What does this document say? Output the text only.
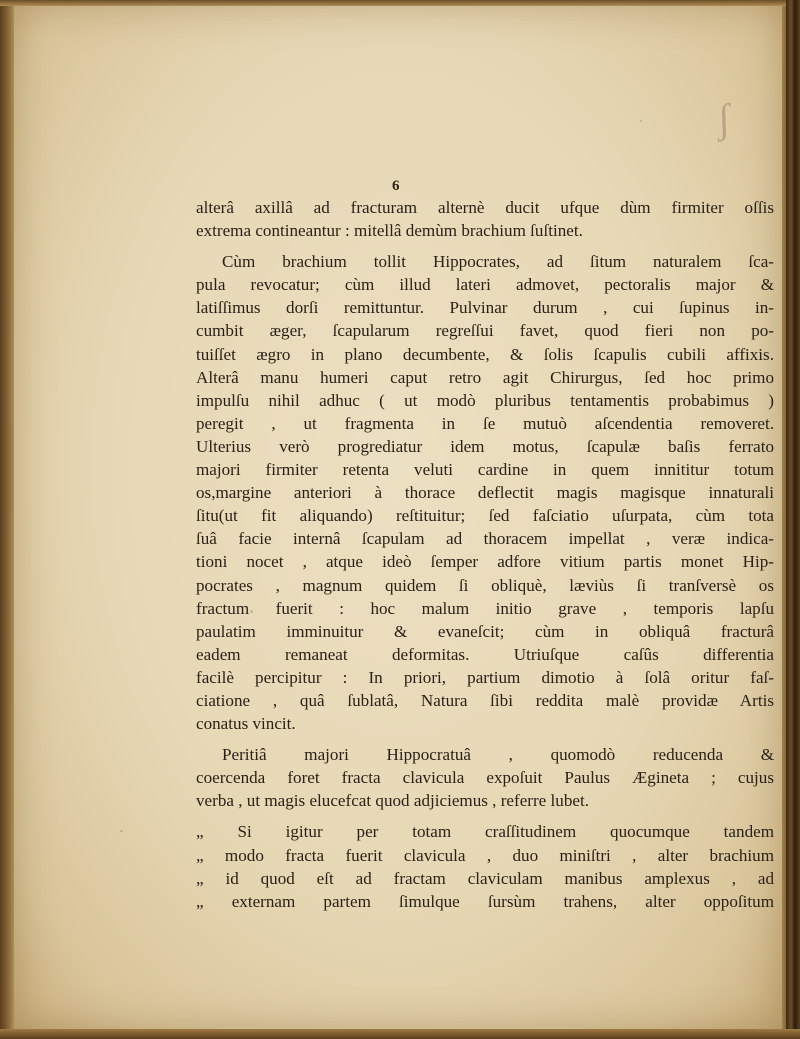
ʃ
6

alterâ axillâ ad fracturam alternè ducit ufque dùm firmiter oſſis
extrema contineantur : mitellâ demùm brachium ſuſtinet.

Cùm brachium tollit Hippocrates, ad ſitum naturalem ſca-
pula revocatur; cùm illud lateri admovet, pectoralis major &
latiſſimus dorſi remittuntur. Pulvinar durum , cui ſupinus in-
cumbit æger, ſcapularum regreſſui favet, quod fieri non po-
tuiſſet ægro in plano decumbente, & ſolis ſcapulis cubili affixis.
Alterâ manu humeri caput retro agit Chirurgus, ſed hoc primo
impulſu nihil adhuc ( ut modò pluribus tentamentis probabimus )
peregit , ut fragmenta in ſe mutuò aſcendentia removeret.
Ulterius verò progrediatur idem motus, ſcapulæ baſis ferrato
majori firmiter retenta veluti cardine in quem innititur totum
os,margine anteriori à thorace deflectit magis magisque innaturali
ſitu(ut fit aliquando) reſtituitur; ſed faſciatio uſurpata, cùm tota
ſuâ facie internâ ſcapulam ad thoracem impellat , veræ indica-
tioni nocet , atque ideò ſemper adfore vitium partis monet Hip-
pocrates , magnum quidem ſi obliquè, læviùs ſi tranſversè os
fractum fuerit : hoc malum initio grave , temporis lapſu
paulatim imminuitur & evaneſcit; cùm in obliquâ fracturâ
eadem remaneat deformitas. Utriuſque caſûs differentia
facilè percipitur : In priori, partium dimotio à ſolâ oritur faſ-
ciatione , quâ ſublatâ, Natura ſibi reddita malè providæ Artis
conatus vincit.

Peritiâ majori Hippocratuâ , quomodò reducenda &
coercenda foret fracta clavicula expoſuit Paulus Æginetа ; cujus
verba , ut magis elucefcat quod adjiciemus , referre lubet.

„ Si igitur per totam craſſitudinem quocumque tandem
„ modo fracta fuerit clavicula , duo miniſtri , alter brachium
„ id quod eſt ad fractam claviculam manibus amplexus , ad
„ externam partem ſimulque ſursùm trahens, alter oppoſitum
